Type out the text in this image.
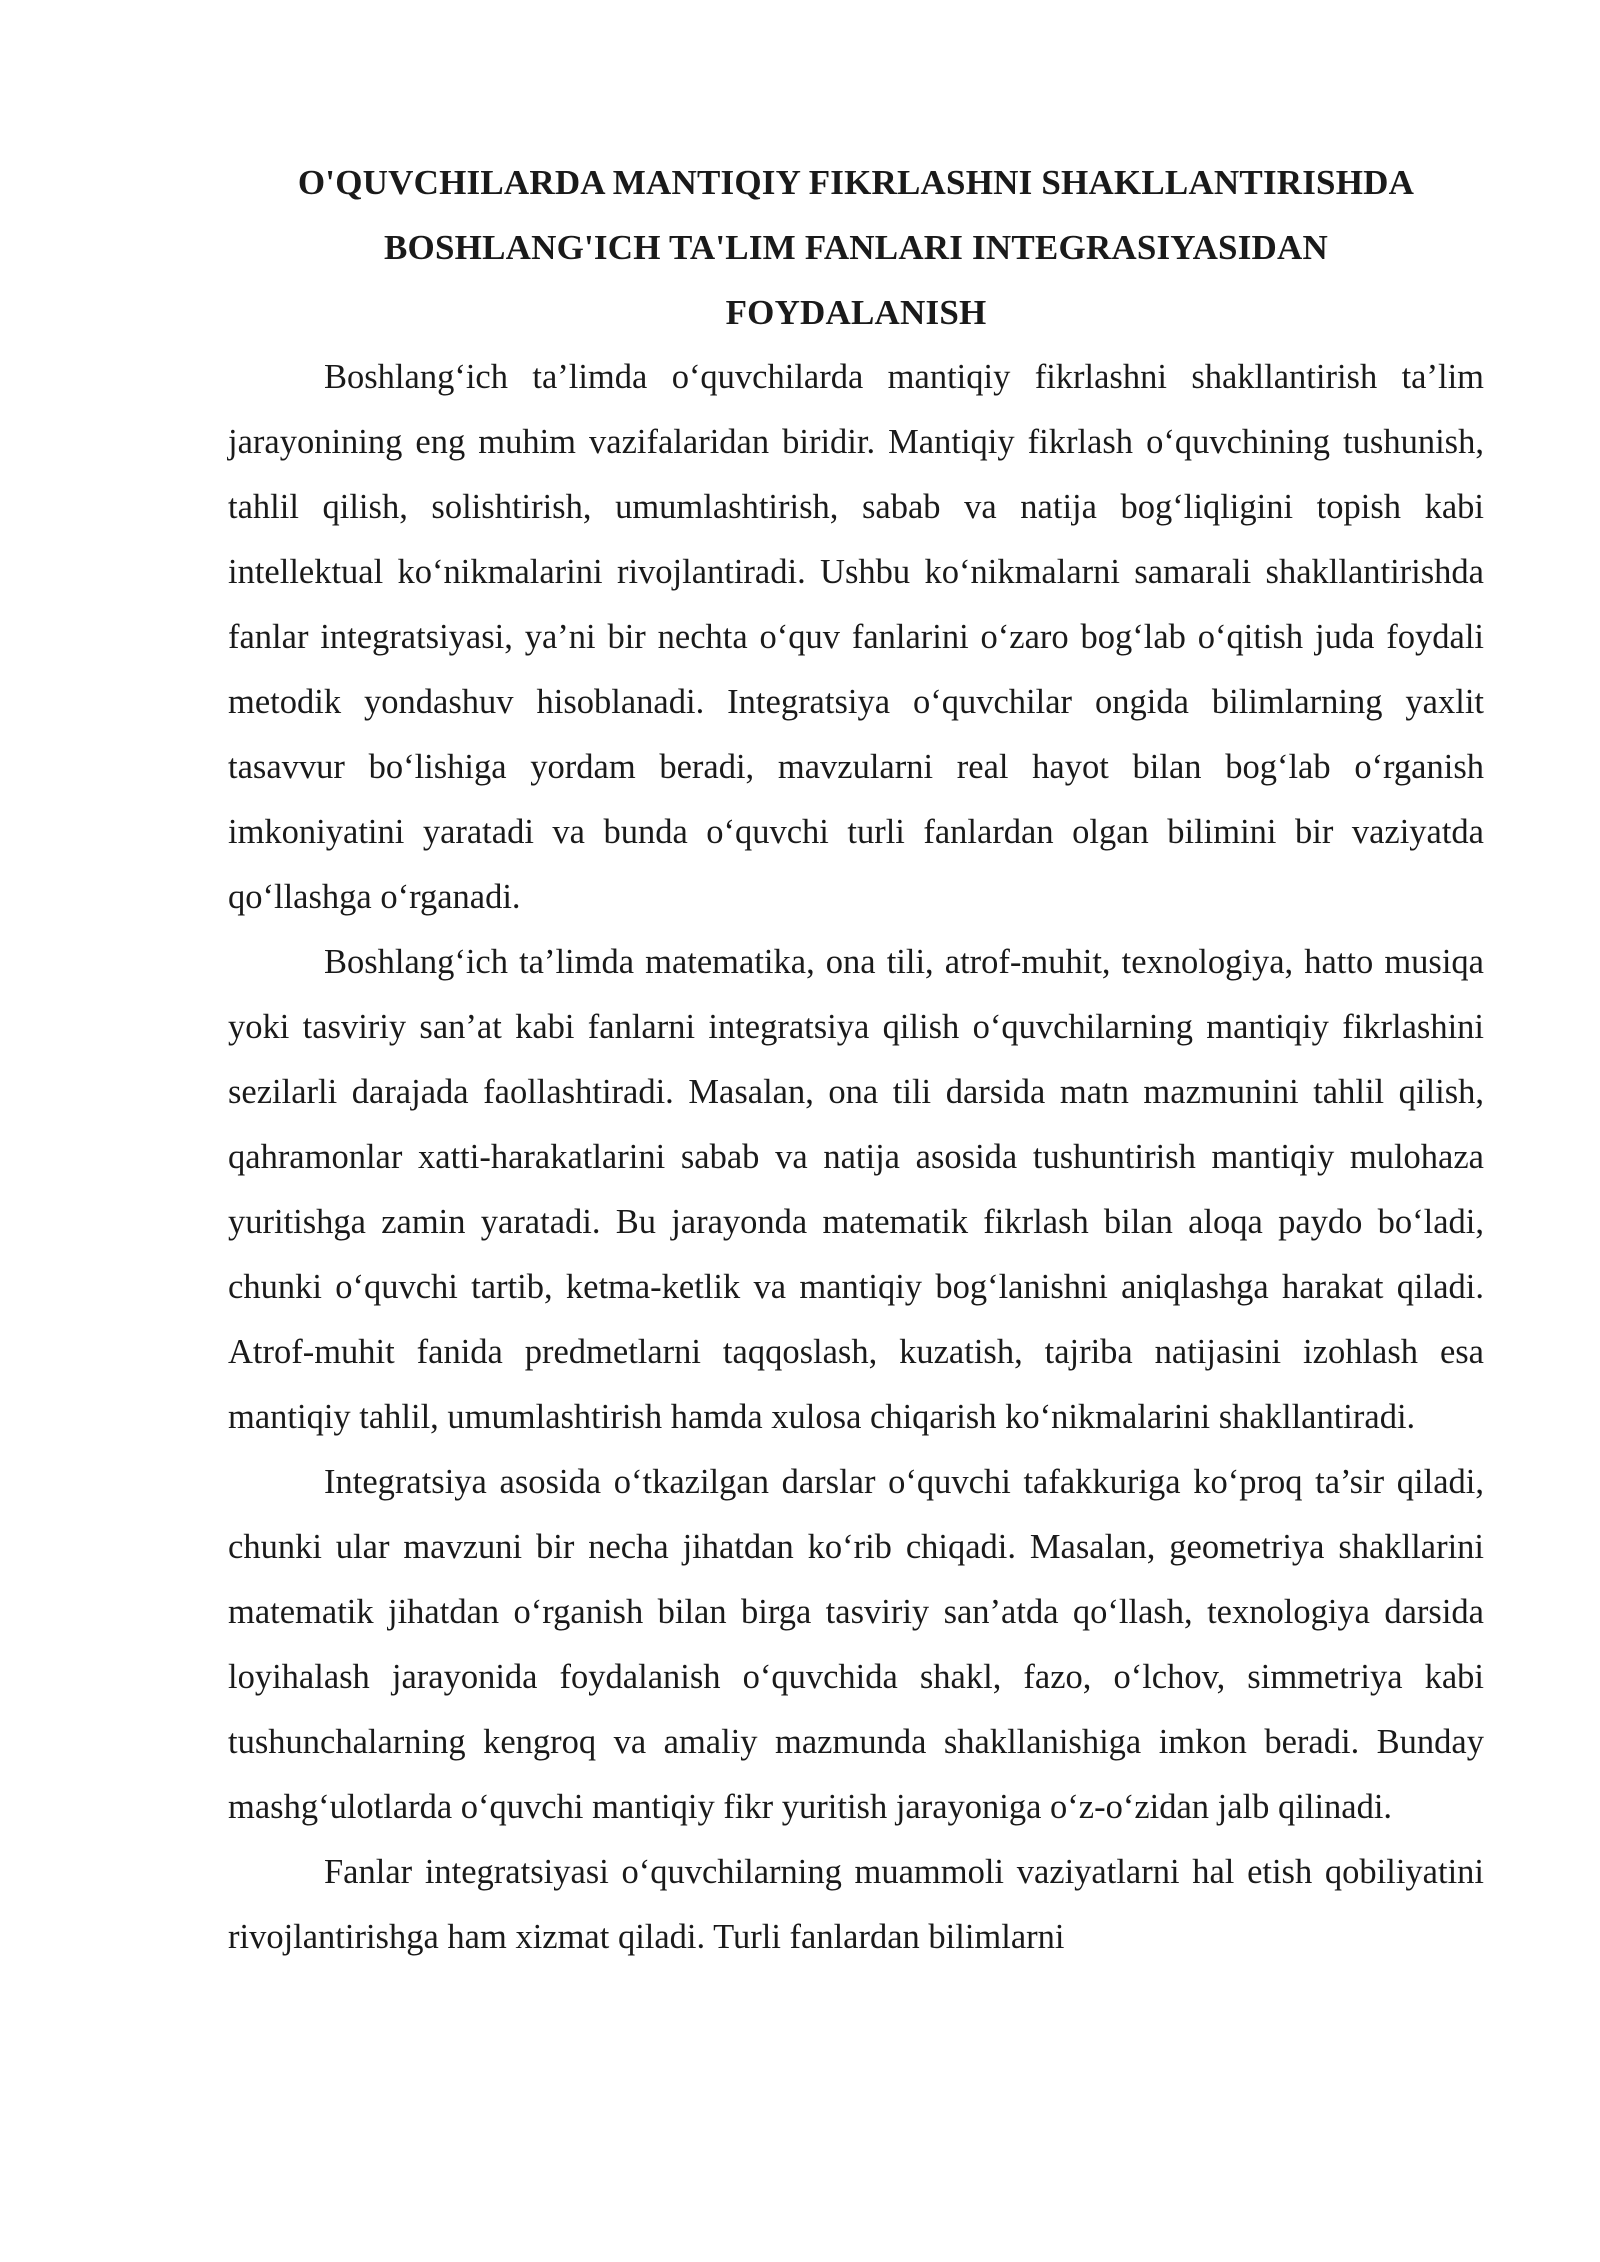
O'QUVCHILARDA MANTIQIY FIKRLASHNI SHAKLLANTIRISHDA
BOSHLANG'ICH TA'LIM FANLARI INTEGRASIYASIDAN
FOYDALANISH

Boshlang‘ich ta’limda o‘quvchilarda mantiqiy fikrlashni shakllantirish ta’lim jarayonining eng muhim vazifalaridan biridir. Mantiqiy fikrlash o‘quvchining tushunish, tahlil qilish, solishtirish, umumlashtirish, sabab va natija bog‘liqligini topish kabi intellektual ko‘nikmalarini rivojlantiradi. Ushbu ko‘nikmalarni samarali shakllantirishda fanlar integratsiyasi, ya’ni bir nechta o‘quv fanlarini o‘zaro bog‘lab o‘qitish juda foydali metodik yondashuv hisoblanadi. Integratsiya o‘quvchilar ongida bilimlarning yaxlit tasavvur bo‘lishiga yordam beradi, mavzularni real hayot bilan bog‘lab o‘rganish imkoniyatini yaratadi va bunda o‘quvchi turli fanlardan olgan bilimini bir vaziyatda qo‘llashga o‘rganadi.

Boshlang‘ich ta’limda matematika, ona tili, atrof-muhit, texnologiya, hatto musiqa yoki tasviriy san’at kabi fanlarni integratsiya qilish o‘quvchilarning mantiqiy fikrlashini sezilarli darajada faollashtiradi. Masalan, ona tili darsida matn mazmunini tahlil qilish, qahramonlar xatti-harakatlarini sabab va natija asosida tushuntirish mantiqiy mulohaza yuritishga zamin yaratadi. Bu jarayonda matematik fikrlash bilan aloqa paydo bo‘ladi, chunki o‘quvchi tartib, ketma-ketlik va mantiqiy bog‘lanishni aniqlashga harakat qiladi. Atrof-muhit fanida predmetlarni taqqoslash, kuzatish, tajriba natijasini izohlash esa mantiqiy tahlil, umumlashtirish hamda xulosa chiqarish ko‘nikmalarini shakllantiradi.

Integratsiya asosida o‘tkazilgan darslar o‘quvchi tafakkuriga ko‘proq ta’sir qiladi, chunki ular mavzuni bir necha jihatdan ko‘rib chiqadi. Masalan, geometriya shakllarini matematik jihatdan o‘rganish bilan birga tasviriy san’atda qo‘llash, texnologiya darsida loyihalash jarayonida foydalanish o‘quvchida shakl, fazo, o‘lchov, simmetriya kabi tushunchalarning kengroq va amaliy mazmunda shakllanishiga imkon beradi. Bunday mashg‘ulotlarda o‘quvchi mantiqiy fikr yuritish jarayoniga o‘z-o‘zidan jalb qilinadi.

Fanlar integratsiyasi o‘quvchilarning muammoli vaziyatlarni hal etish qobiliyatini rivojlantirishga ham xizmat qiladi. Turli fanlardan bilimlarni
